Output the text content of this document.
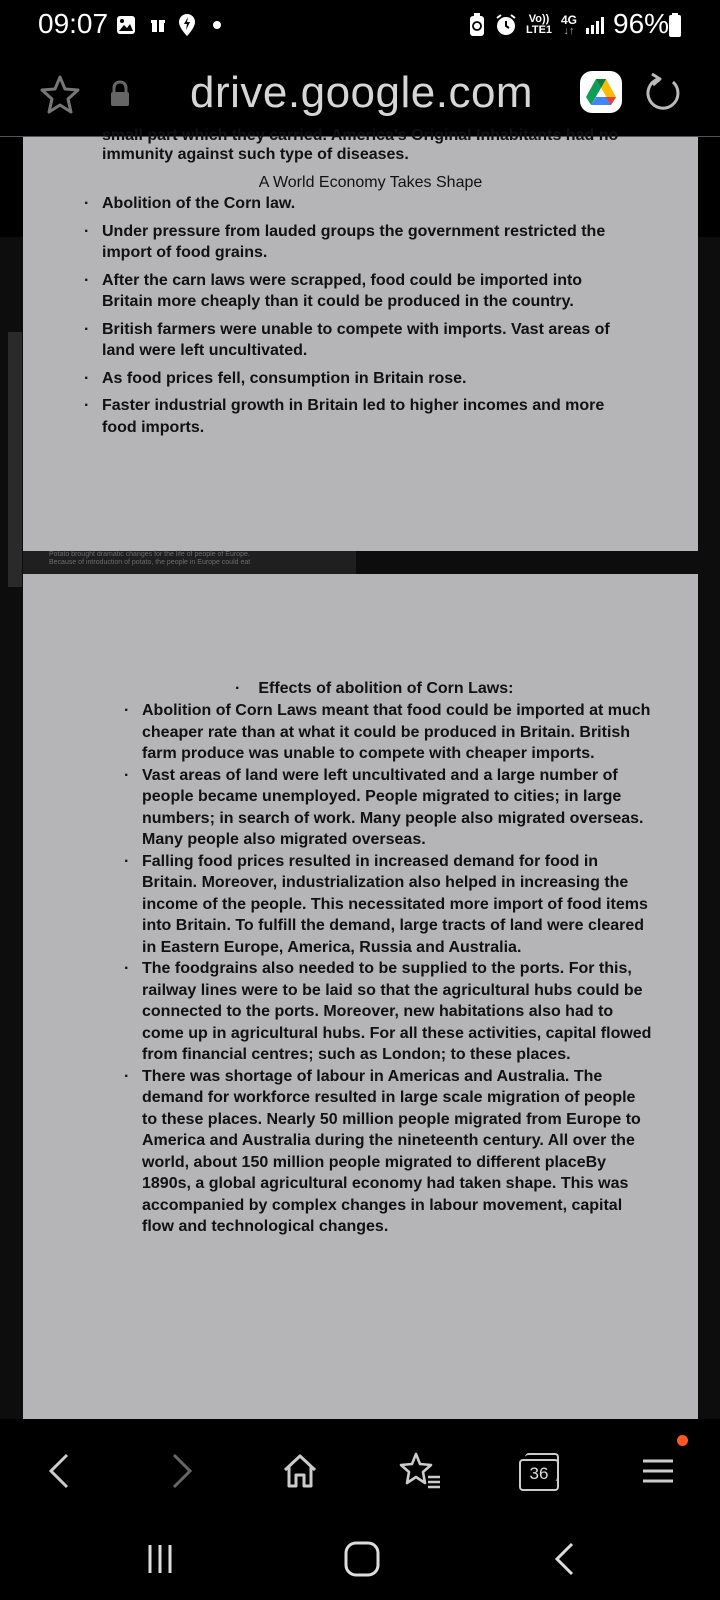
09:07	Vo))
LTE1
4G
↓↑ 96%
drive.google.com
small part which they carried. America's Original Inhabitants had no
immunity against such type of diseases.
A World Economy Takes Shape
· Abolition of the Corn law.
· Under pressure from lauded groups the government restricted the import of food grains.
· After the carn laws were scrapped, food could be imported into Britain more cheaply than it could be produced in the country.
· British farmers were unable to compete with imports. Vast areas of land were left uncultivated.
· As food prices fell, consumption in Britain rose.
· Faster industrial growth in Britain led to higher incomes and more food imports.
Potato brought dramatic changes for the life of people of Europe.
Because of introduction of potato, the people in Europe could eat
· Effects of abolition of Corn Laws:
· Abolition of Corn Laws meant that food could be imported at much cheaper rate than at what it could be produced in Britain. British farm produce was unable to compete with cheaper imports.
· Vast areas of land were left uncultivated and a large number of people became unemployed. People migrated to cities; in large numbers; in search of work. Many people also migrated overseas. Many people also migrated overseas.
· Falling food prices resulted in increased demand for food in Britain. Moreover, industrialization also helped in increasing the income of the people. This necessitated more import of food items into Britain. To fulfill the demand, large tracts of land were cleared in Eastern Europe, America, Russia and Australia.
· The foodgrains also needed to be supplied to the ports. For this, railway lines were to be laid so that the agricultural hubs could be connected to the ports. Moreover, new habitations also had to come up in agricultural hubs. For all these activities, capital flowed from financial centres; such as London; to these places.
· There was shortage of labour in Americas and Australia. The demand for workforce resulted in large scale migration of people to these places. Nearly 50 million people migrated from Europe to America and Australia during the nineteenth century. All over the world, about 150 million people migrated to different placeBy 1890s, a global agricultural economy had taken shape. This was accompanied by complex changes in labour movement, capital flow and technological changes.
36
